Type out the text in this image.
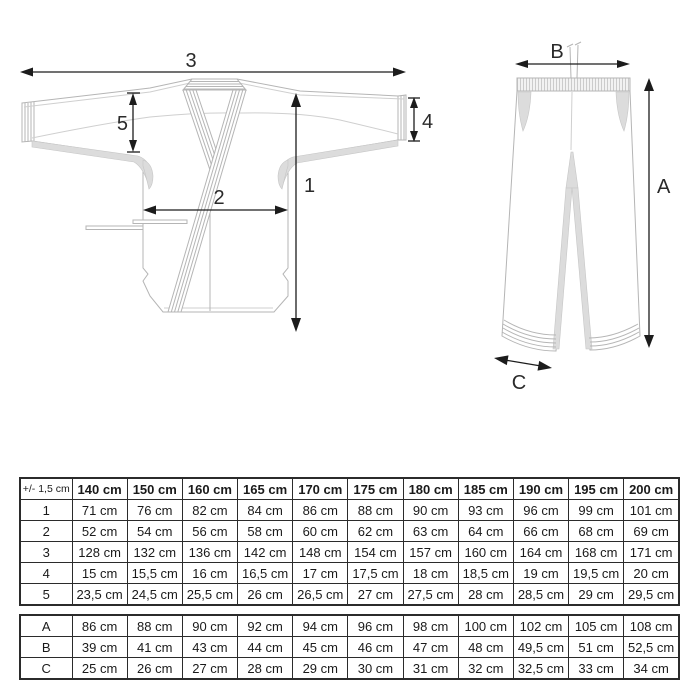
3
5	4
1
2
B
A
C
+/- 1,5 cm	140 cm	150 cm	160 cm	165 cm	170 cm	175 cm	180 cm	185 cm	190 cm	195 cm	200 cm
1	71 cm	76 cm	82 cm	84 cm	86 cm	88 cm	90 cm	93 cm	96 cm	99 cm	101 cm
2	52 cm	54 cm	56 cm	58 cm	60 cm	62 cm	63 cm	64 cm	66 cm	68 cm	69 cm
3	128 cm	132 cm	136 cm	142 cm	148 cm	154 cm	157 cm	160 cm	164 cm	168 cm	171 cm
4	15 cm	15,5 cm	16 cm	16,5 cm	17 cm	17,5 cm	18 cm	18,5 cm	19 cm	19,5 cm	20 cm
5	23,5 cm	24,5 cm	25,5 cm	26 cm	26,5 cm	27 cm	27,5 cm	28 cm	28,5 cm	29 cm	29,5 cm
A	86 cm	88 cm	90 cm	92 cm	94 cm	96 cm	98 cm	100 cm	102 cm	105 cm	108 cm
B	39 cm	41 cm	43 cm	44 cm	45 cm	46 cm	47 cm	48 cm	49,5 cm	51 cm	52,5 cm
C	25 cm	26 cm	27 cm	28 cm	29 cm	30 cm	31 cm	32 cm	32,5 cm	33 cm	34 cm
